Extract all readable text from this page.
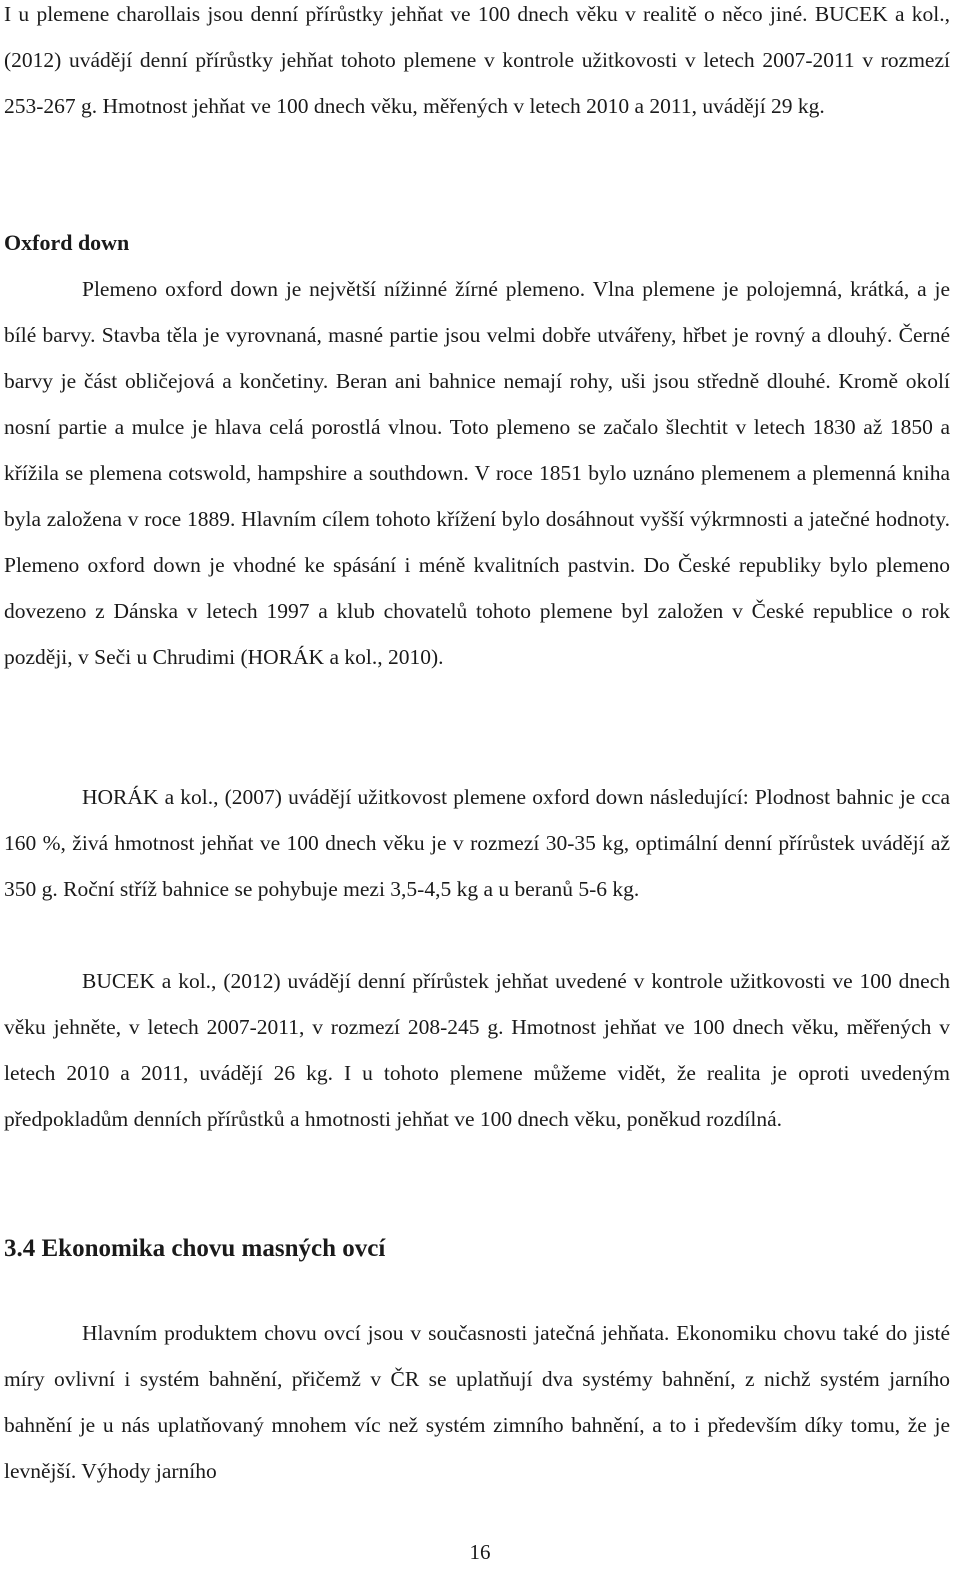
I u plemene charollais jsou denní přírůstky jehňat ve 100 dnech věku v realitě o něco jiné. BUCEK a kol., (2012) uvádějí denní přírůstky jehňat tohoto plemene v kontrole užitkovosti v letech 2007-2011 v rozmezí 253-267 g. Hmotnost jehňat ve 100 dnech věku, měřených v letech 2010 a 2011, uvádějí 29 kg.

Oxford down

Plemeno oxford down je největší nížinné žírné plemeno. Vlna plemene je polojemná, krátká, a je bílé barvy. Stavba těla je vyrovnaná, masné partie jsou velmi dobře utvářeny, hřbet je rovný a dlouhý. Černé barvy je část obličejová a končetiny. Beran ani bahnice nemají rohy, uši jsou středně dlouhé. Kromě okolí nosní partie a mulce je hlava celá porostlá vlnou. Toto plemeno se začalo šlechtit v letech 1830 až 1850 a křížila se plemena cotswold, hampshire a southdown. V roce 1851 bylo uznáno plemenem a plemenná kniha byla založena v roce 1889. Hlavním cílem tohoto křížení bylo dosáhnout vyšší výkrmnosti a jatečné hodnoty. Plemeno oxford down je vhodné ke spásání i méně kvalitních pastvin. Do České republiky bylo plemeno dovezeno z Dánska v letech 1997 a klub chovatelů tohoto plemene byl založen v České republice o rok později, v Seči u Chrudimi (HORÁK a kol., 2010).

HORÁK a kol., (2007) uvádějí užitkovost plemene oxford down následující: Plodnost bahnic je cca 160 %, živá hmotnost jehňat ve 100 dnech věku je v rozmezí 30-35 kg, optimální denní přírůstek uvádějí až 350 g. Roční stříž bahnice se pohybuje mezi 3,5-4,5 kg a u beranů 5-6 kg.

BUCEK a kol., (2012) uvádějí denní přírůstek jehňat uvedené v kontrole užitkovosti ve 100 dnech věku jehněte, v letech 2007-2011, v rozmezí 208-245 g. Hmotnost jehňat ve 100 dnech věku, měřených v letech 2010 a 2011, uvádějí 26 kg. I u tohoto plemene můžeme vidět, že realita je oproti uvedeným předpokladům denních přírůstků a hmotnosti jehňat ve 100 dnech věku, poněkud rozdílná.

3.4 Ekonomika chovu masných ovcí

Hlavním produktem chovu ovcí jsou v současnosti jatečná jehňata. Ekonomiku chovu také do jisté míry ovlivní i systém bahnění, přičemž v ČR se uplatňují dva systémy bahnění, z nichž systém jarního bahnění je u nás uplatňovaný mnohem víc než systém zimního bahnění, a to i především díky tomu, že je levnější. Výhody jarního

16
